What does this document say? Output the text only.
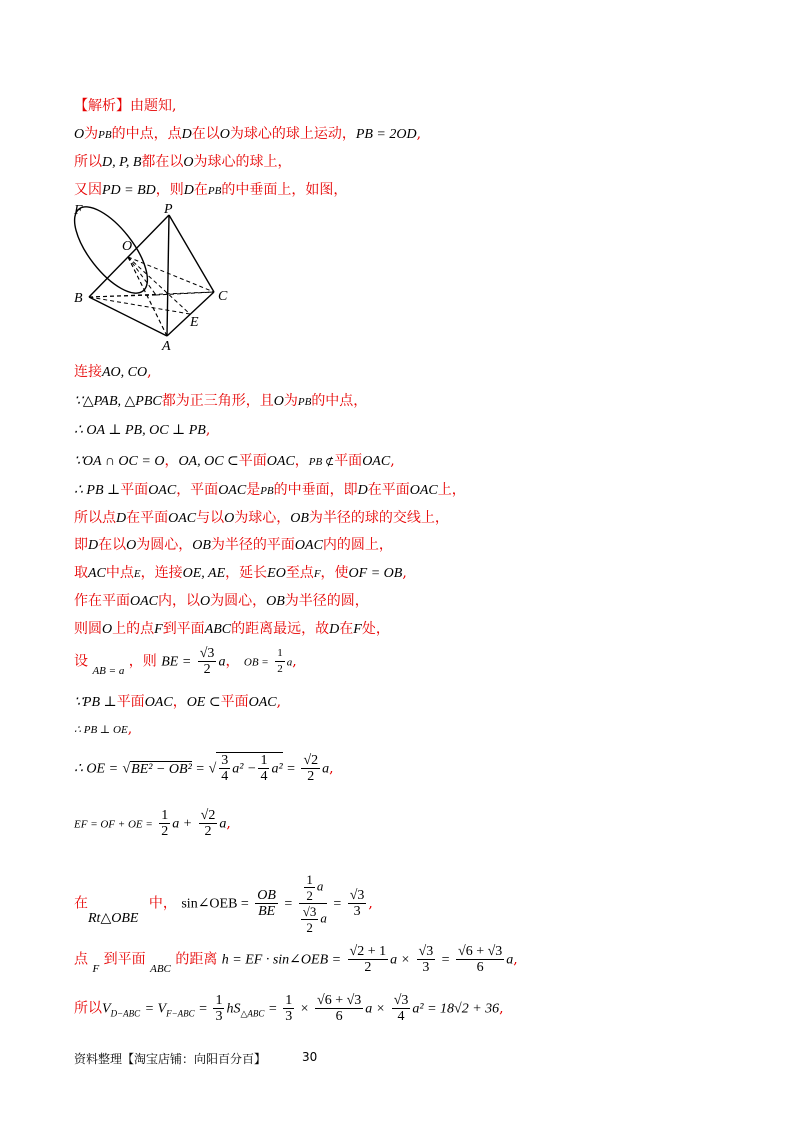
【解析】由题知,
O为PB的中点，点D在以O为球心的球上运动，PB = 2OD,
所以D, P, B都在以O为球心的球上，
又因PD = BD，则D在PB的中垂面上，如图，
F	P
O
B	C
E
A
连接AO, CO,
∵△PAB, △PBC都为正三角形，且O为PB的中点，
∴ OA ⊥ PB, OC ⊥ PB,
∵OA ∩ OC = O，OA, OC ⊂平面OAC，PB ⊄平面OAC,
∴ PB ⊥平面OAC，平面OAC是PB的中垂面，即D在平面OAC上，
所以点D在平面OAC与以O为球心，OB为半径的球的交线上，
即D在以O为圆心，OB为半径的平面OAC内的圆上，
取AC中点E，连接OE, AE，延长EO至点F，使OF = OB,
作在平面OAC内，以O为圆心，OB为半径的圆，
则圆O上的点F到平面ABC的距离最远，故D在F处，
设 $_{AB = a}$ ，则 BE = $\frac{√3}{2}$ a， OB = $\frac{1}{2} a$,
∵PB ⊥平面OAC，OE ⊂平面OAC,
∴ PB ⊥ OE,
∴ OE = √BE² − OB² = √ $\frac{3}{4} a^2 - \frac{1}{4} a^2 = \frac{√2}{2} a$,
EF = OF + OE = $\frac{1}{2}$ $a + \frac{√2}{2} a$,
在	中， sin∠OEB = $\frac{OB}{BE} = \frac{\frac{1}{2} a}{\frac{√3}{2} a} = \frac{√3}{3}$ ,
Rt△OBE
点 $_F$ 到平面 $_{ABC}$ 的距离 h = EF · sin∠OEB = $\frac{√2 + 1}{2}$ $a \times \frac{√3}{3} = \frac{√6 + √3}{6} a$,
所以$V_{D-ABC} = V_{F-ABC} = \frac{1}{3} hS_{\triangle ABC} = \frac{1}{3} \times \frac{√6 + √3}{6}$ $a \times \frac{√3}{4} a^2 = 18√2 + 36$,
资料整理【淘宝店铺：向阳百分百】	30
